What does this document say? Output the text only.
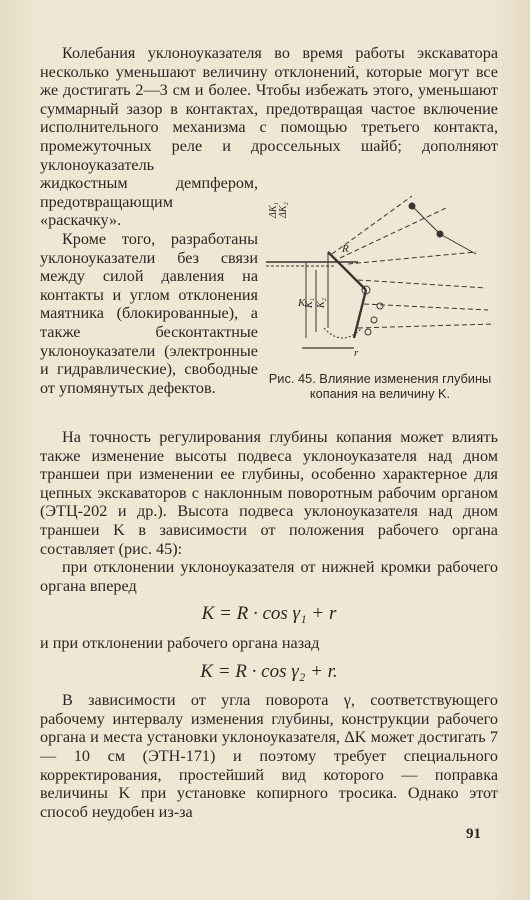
Колебания уклоноуказателя во время работы экскаватора несколько уменьшают величину отклонений, которые могут все же достигать 2—3 см и более. Чтобы избежать этого, уменьшают суммарный зазор в контактах, предотвращая частое включение исполнительного механизма с помощью третьего контакта, промежуточных реле и дроссельных шайб; дополняют уклоноуказатель

жидкостным демпфером, предотвращающим «раскачку».

Кроме того, разработаны уклоноуказатели без связи между силой давления на контакты и углом отклонения маятника (блокированные), а также бесконтактные уклоноуказатели (электронные и гидравлические), свободные от упомянутых дефектов.

ΔK₁ ΔK₂
K
K₁ K₂
R
r
Рис. 45. Влияние изменения глубины копания на величину K.

На точность регулирования глубины копания может влиять также изменение высоты подвеса уклоноуказателя над дном траншеи при изменении ее глубины, особенно характерное для цепных экскаваторов с наклонным поворотным рабочим органом (ЭТЦ-202 и др.). Высота подвеса уклоноуказателя над дном траншеи K в зависимости от положения рабочего органа составляет (рис. 45):

при отклонении уклоноуказателя от нижней кромки рабочего органа вперед

K = R · cos γ₁ + r

и при отклонении рабочего органа назад

K = R · cos γ₂ + r.

В зависимости от угла поворота γ, соответствующего рабочему интервалу изменения глубины, конструкции рабочего органа и места установки уклоноуказателя, ΔK может достигать 7 — 10 см (ЭТН-171) и поэтому требует специального корректирования, простейший вид которого — поправка величины K при установке копирного тросика. Однако этот способ неудобен из-за

91
